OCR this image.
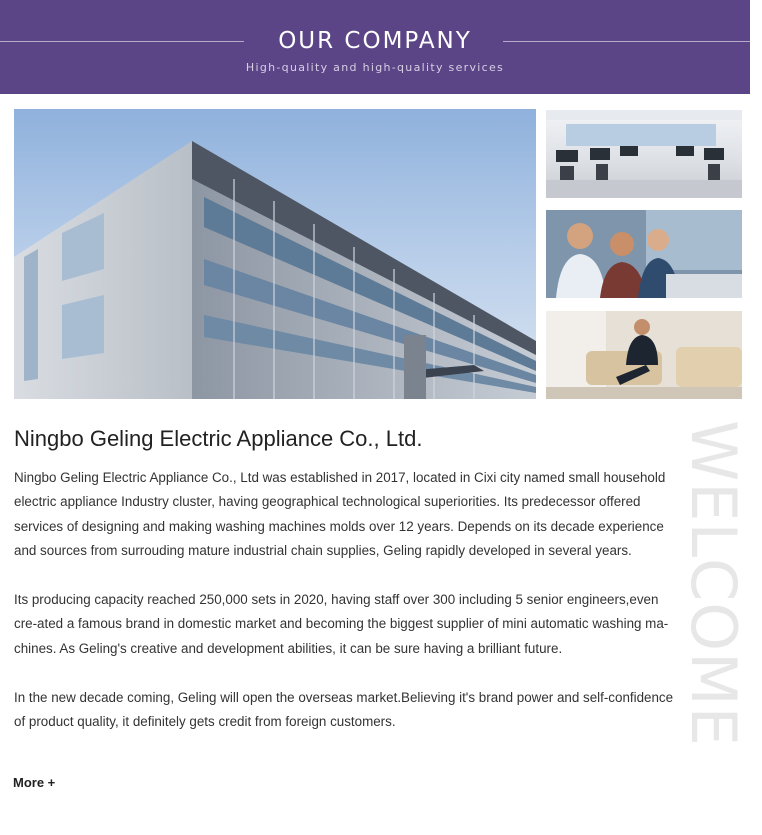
OUR COMPANY
High-quality and high-quality services
Ningbo Geling Electric Appliance Co., Ltd.

Ningbo Geling Electric Appliance Co., Ltd was established in 2017, located in Cixi city named small household electric appliance Industry cluster, having geographical technological superiorities. Its predecessor offered services of designing and making washing machines molds over 12 years. Depends on its decade experience and sources from surrouding mature industrial chain supplies, Geling rapidly developed in several years.

Its producing capacity reached 250,000 sets in 2020, having staff over 300 including 5 senior engineers,even cre-ated a famous brand in domestic market and becoming the biggest supplier of mini automatic washing ma-chines. As Geling's creative and development abilities, it can be sure having a brilliant future.

In the new decade coming, Geling will open the overseas market.Believing it's brand power and self-confidence of product quality, it definitely gets credit from foreign customers.

More +
WELCOME
